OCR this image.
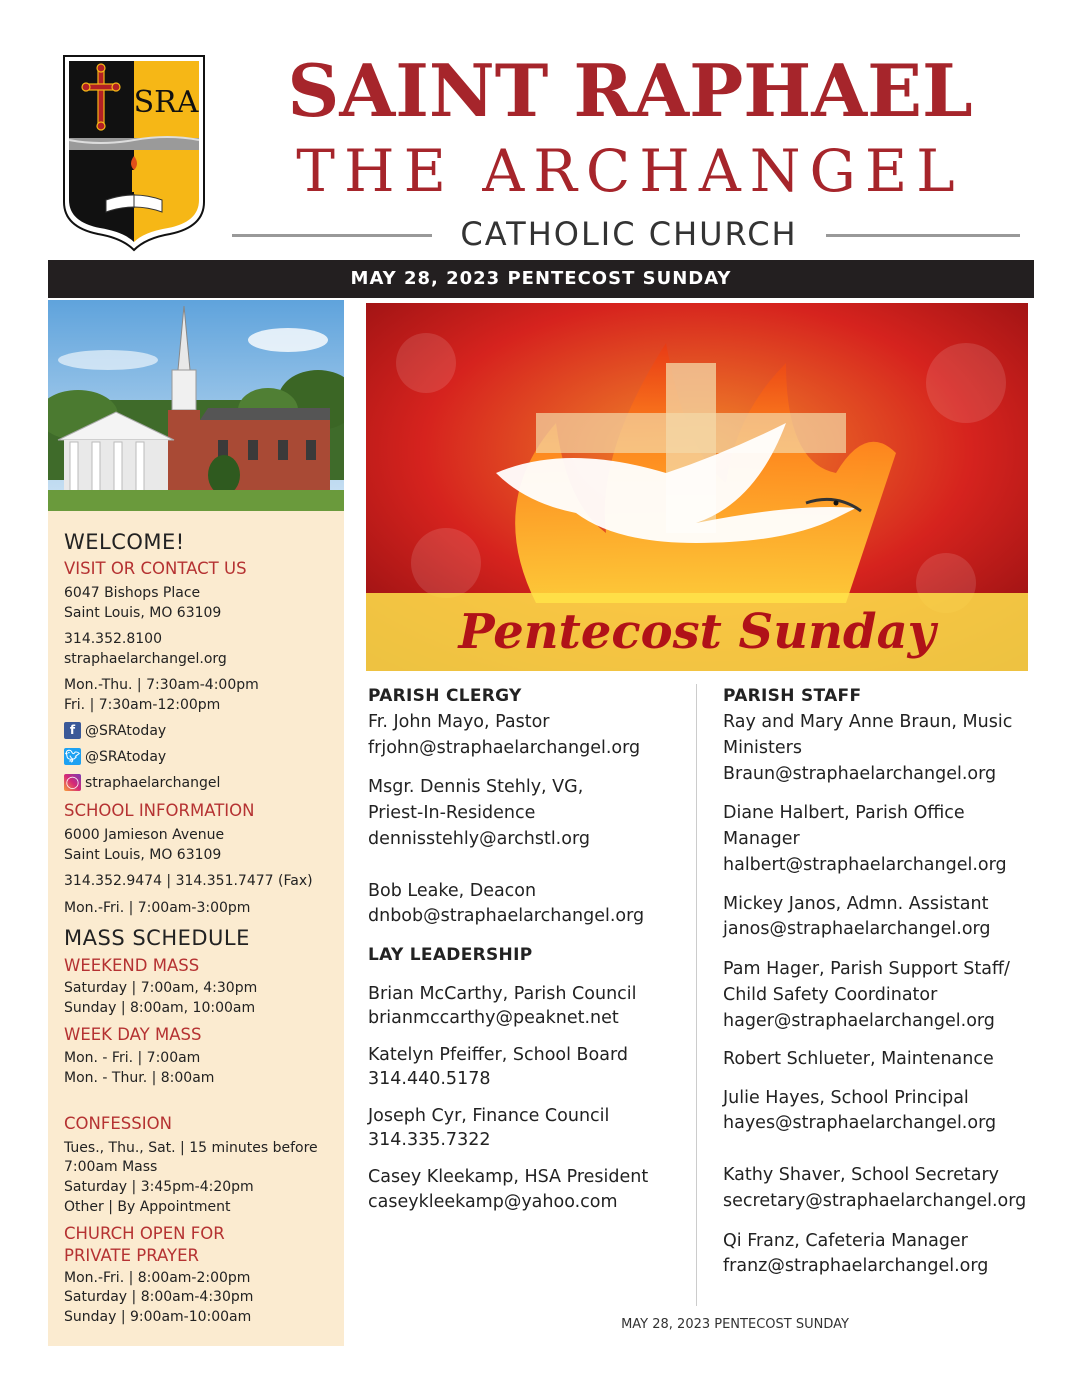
SRA	SAINT RAPHAEL
THE ARCHANGEL
CATHOLIC CHURCH
MAY 28, 2023 PENTECOST SUNDAY
WELCOME!
VISIT OR CONTACT US
6047 Bishops Place
Saint Louis, MO 63109
314.352.8100
straphaelarchangel.org
Mon.-Thu. | 7:30am-4:00pm
Fri. | 7:30am-12:00pm
f @SRAtoday
🐦︎ @SRAtoday
◯ straphaelarchangel
SCHOOL INFORMATION
6000 Jamieson Avenue
Saint Louis, MO 63109
314.352.9474 | 314.351.7477 (Fax)
Mon.-Fri. | 7:00am-3:00pm
MASS SCHEDULE
WEEKEND MASS
Saturday | 7:00am, 4:30pm
Sunday | 8:00am, 10:00am
WEEK DAY MASS
Mon. - Fri. | 7:00am
Mon. - Thur. | 8:00am
CONFESSION
Tues., Thu., Sat. | 15 minutes before
7:00am Mass
Saturday | 3:45pm-4:20pm
Other | By Appointment
CHURCH OPEN FOR
PRIVATE PRAYER
Mon.-Fri. | 8:00am-2:00pm
Saturday | 8:00am-4:30pm
Sunday | 9:00am-10:00am
Pentecost Sunday
PARISH CLERGY
Fr. John Mayo, Pastor
frjohn@straphaelarchangel.org
Msgr. Dennis Stehly, VG,
Priest-In-Residence
dennisstehly@archstl.org
Bob Leake, Deacon
dnbob@straphaelarchangel.org
LAY LEADERSHIP
Brian McCarthy, Parish Council
brianmccarthy@peaknet.net
Katelyn Pfeiffer, School Board
314.440.5178
Joseph Cyr, Finance Council
314.335.7322
Casey Kleekamp, HSA President
caseykleekamp@yahoo.com
PARISH STAFF
Ray and Mary Anne Braun, Music
Ministers
Braun@straphaelarchangel.org
Diane Halbert, Parish Office
Manager
halbert@straphaelarchangel.org
Mickey Janos, Admn. Assistant
janos@straphaelarchangel.org
Pam Hager, Parish Support Staff/
Child Safety Coordinator
hager@straphaelarchangel.org
Robert Schlueter, Maintenance
Julie Hayes, School Principal
hayes@straphaelarchangel.org
Kathy Shaver, School Secretary
secretary@straphaelarchangel.org
Qi Franz, Cafeteria Manager
franz@straphaelarchangel.org
MAY 28, 2023 PENTECOST SUNDAY
